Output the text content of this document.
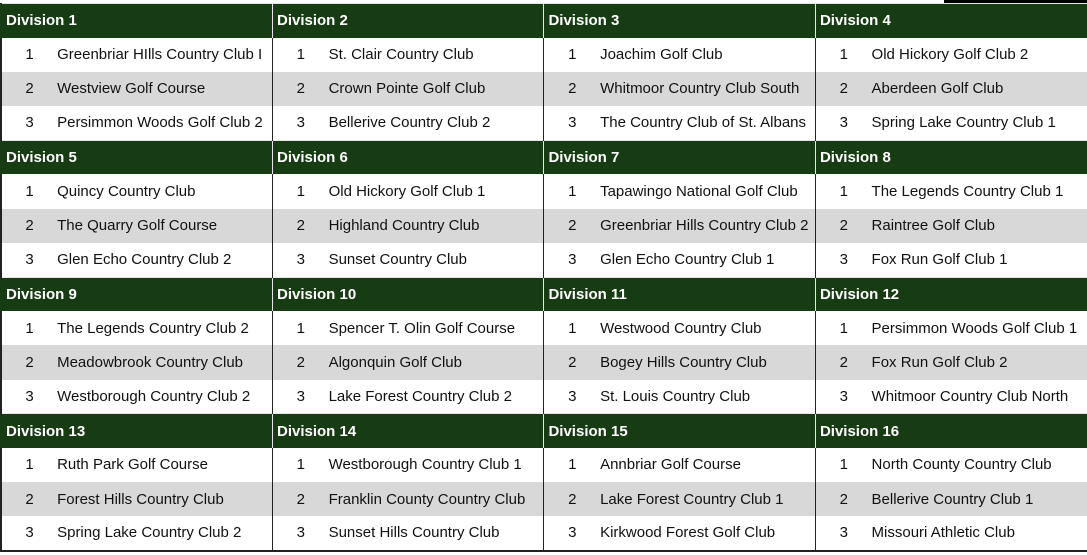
Division 1		Division 2		Division 3		Division 4	
1	Greenbriar HIlls Country Club I	1	St. Clair Country Club	1	Joachim Golf Club	1	Old Hickory Golf Club 2
2	Westview Golf Course	2	Crown Pointe Golf Club	2	Whitmoor Country Club South	2	Aberdeen Golf Club
3	Persimmon Woods Golf Club 2	3	Bellerive Country Club 2	3	The Country Club of St. Albans	3	Spring Lake Country Club 1
Division 5		Division 6		Division 7		Division 8	
1	Quincy Country Club	1	Old Hickory Golf Club 1	1	Tapawingo National Golf Club	1	The Legends Country Club 1
2	The Quarry Golf Course	2	Highland Country Club	2	Greenbriar Hills Country Club 2	2	Raintree Golf Club
3	Glen Echo Country Club 2	3	Sunset Country Club	3	Glen Echo Country Club 1	3	Fox Run Golf Club 1
Division 9		Division 10		Division 11		Division 12	
1	The Legends Country Club 2	1	Spencer T. Olin Golf Course	1	Westwood Country Club	1	Persimmon Woods Golf Club 1
2	Meadowbrook Country Club	2	Algonquin Golf Club	2	Bogey Hills Country Club	2	Fox Run Golf Club 2
3	Westborough Country Club 2	3	Lake Forest Country Club 2	3	St. Louis Country Club	3	Whitmoor Country Club North
Division 13		Division 14		Division 15		Division 16	
1	Ruth Park Golf Course	1	Westborough Country Club 1	1	Annbriar Golf Course	1	North County Country Club
2	Forest Hills Country Club	2	Franklin County Country Club	2	Lake Forest Country Club 1	2	Bellerive Country Club 1
3	Spring Lake Country Club 2	3	Sunset Hills Country Club	3	Kirkwood Forest Golf Club	3	Missouri Athletic Club
